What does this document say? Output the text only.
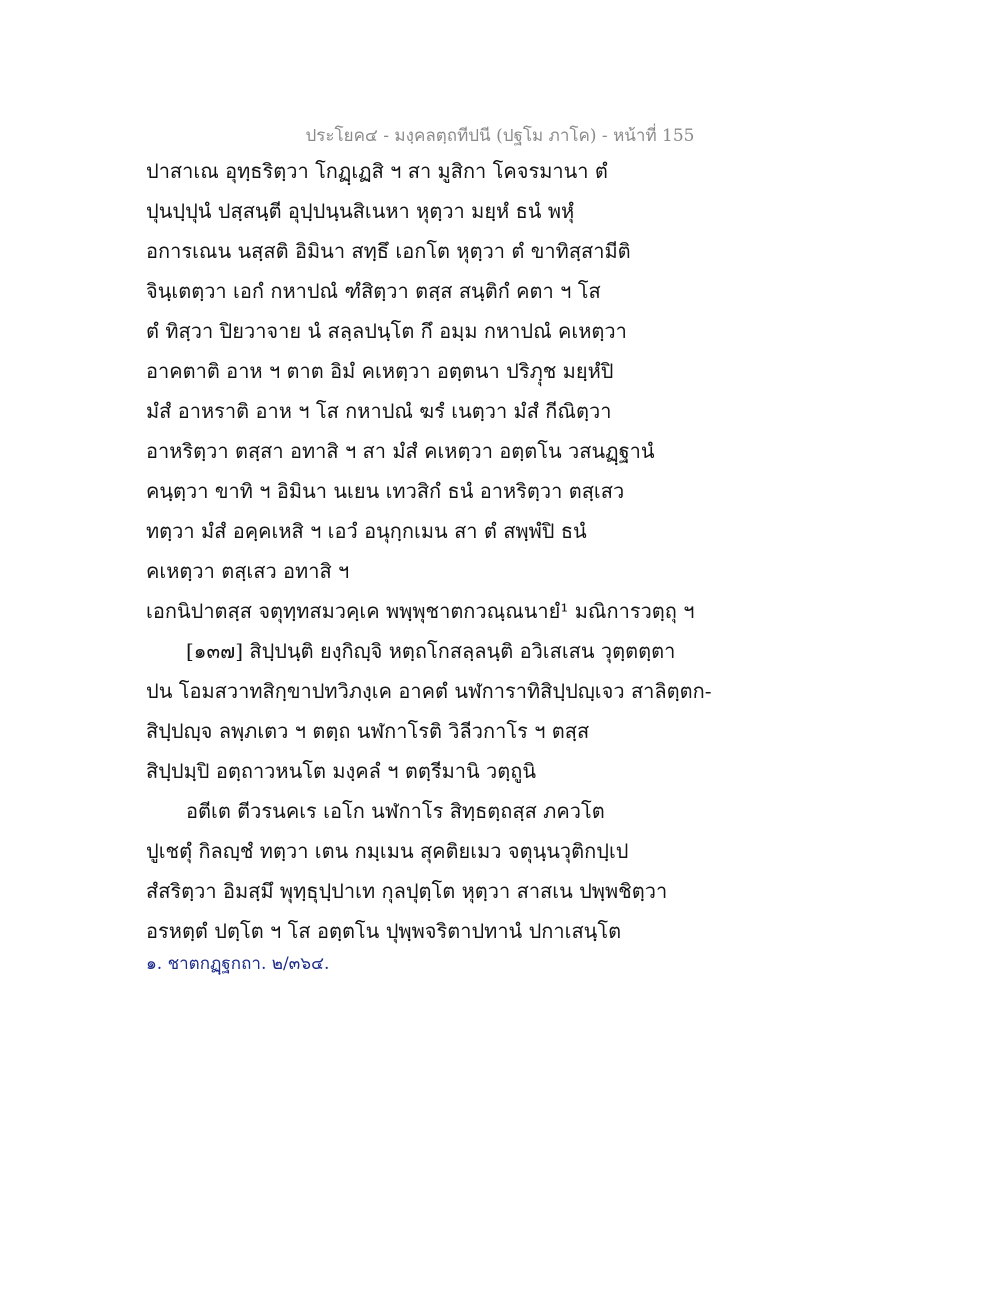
ประโยค๔ - มงฺคลตฺถทีปนี (ปฐโม ภาโค) - หน้าที่ 155
ปาสาเณ อุทฺธริตฺวา โกฏฺเฏสิ ฯ สา มูสิกา โคจรมานา ตํ
ปุนปฺปุนํ ปสฺสนฺตี อุปฺปนฺนสิเนหา หุตฺวา มยฺหํ ธนํ พหุํ
อการเณน นสฺสติ อิมินา สทฺธึ เอกโต หุตฺวา ตํ ขาทิสฺสามีติ
จินฺเตตฺวา เอกํ กหาปณํ ฑํสิตฺวา ตสฺส สนฺติกํ คตา ฯ โส
ตํ ทิสฺวา ปิยวาจาย นํ สลฺลปนฺโต กึ อมฺม กหาปณํ คเหตฺวา
อาคตาติ อาห ฯ ตาต อิมํ คเหตฺวา อตฺตนา ปริภฺุช มยฺหํปิ
มํสํ อาหราติ อาห ฯ โส กหาปณํ ฆรํ เนตฺวา มํสํ กีณิตฺวา
อาหริตฺวา ตสฺสา อทาสิ ฯ สา มํสํ คเหตฺวา อตฺตโน วสนฏฺฐานํ
คนฺตฺวา ขาทิ ฯ อิมินา นเยน เทวสิกํ ธนํ อาหริตฺวา ตสฺเสว
ทตฺวา มํสํ อคฺคเหสิ ฯ เอวํ อนุกฺกเมน สา ตํ สพฺพํปิ ธนํ
คเหตฺวา ตสฺเสว อทาสิ ฯ
เอกนิปาตสฺส จตุทฺทสมวคฺเค พพฺพุชาตกวณฺณนายํ¹ มณิการวตฺถุ ฯ
[๑๓๗] สิปฺปนฺติ ยงฺกิญฺจิ หตฺถโกสลฺลนฺติ อวิเสเสน วุตฺตตฺตา
ปน โอมสวาทสิกฺขาปทวิภงฺเค อาคตํ นฬการาทิสิปฺปญฺเจว สาลิตฺตก-
สิปฺปญฺจ ลพฺภเตว ฯ ตตฺถ นฬกาโรติ วิลีวกาโร ฯ ตสฺส
สิปฺปมฺปิ อตฺถาวหนโต มงฺคลํ ฯ ตตฺรีมานิ วตฺถูนิ
อตีเต ตีวรนคเร เอโก นฬกาโร สิทฺธตฺถสฺส ภควโต
ปูเชตุํ กิลญฺชํ ทตฺวา เตน กมฺเมน สุคติยเมว จตุนฺนวุติกปฺเป
สํสริตฺวา อิมสฺมึ พุทฺธุปฺปาเท กุลปุตฺโต หุตฺวา สาสเน ปพฺพชิตฺวา
อรหตฺตํ ปตฺโต ฯ โส อตฺตโน ปุพฺพจริตาปทานํ ปกาเสนฺโต
๑. ชาตกฏฺฐกถา. ๒/๓๖๔.
